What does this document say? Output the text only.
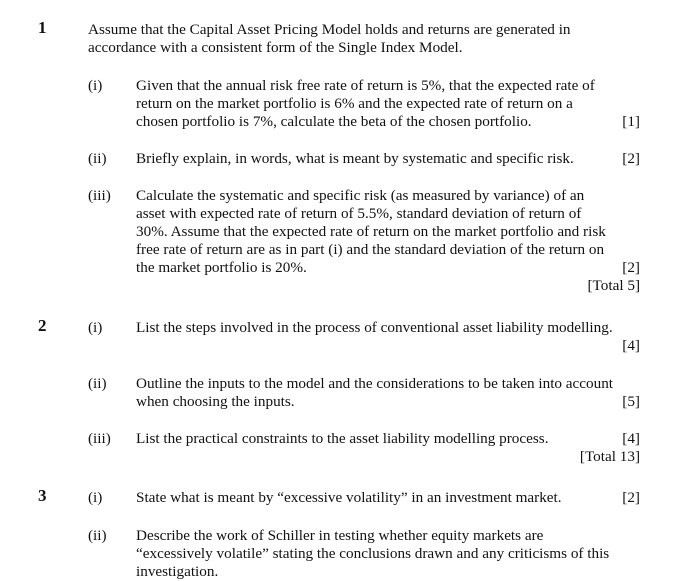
1	Assume that the Capital Asset Pricing Model holds and returns are generated in
accordance with a consistent form of the Single Index Model.
(i) Given that the annual risk free rate of return is 5%, that the expected rate of
return on the market portfolio is 6% and the expected rate of return on a
chosen portfolio is 7%, calculate the beta of the chosen portfolio.	[1]
(ii) Briefly explain, in words, what is meant by systematic and specific risk.	[2]
(iii) Calculate the systematic and specific risk (as measured by variance) of an
asset with expected rate of return of 5.5%, standard deviation of return of
30%. Assume that the expected rate of return on the market portfolio and risk
free rate of return are as in part (i) and the standard deviation of the return on
the market portfolio is 20%.	[2]
[Total 5]
2	(i) List the steps involved in the process of conventional asset liability modelling.
[4]
(ii) Outline the inputs to the model and the considerations to be taken into account
when choosing the inputs.	[5]
(iii) List the practical constraints to the asset liability modelling process.	[4]
[Total 13]
3	(i) State what is meant by “excessive volatility” in an investment market.	[2]
(ii) Describe the work of Schiller in testing whether equity markets are
“excessively volatile” stating the conclusions drawn and any criticisms of this
investigation.
